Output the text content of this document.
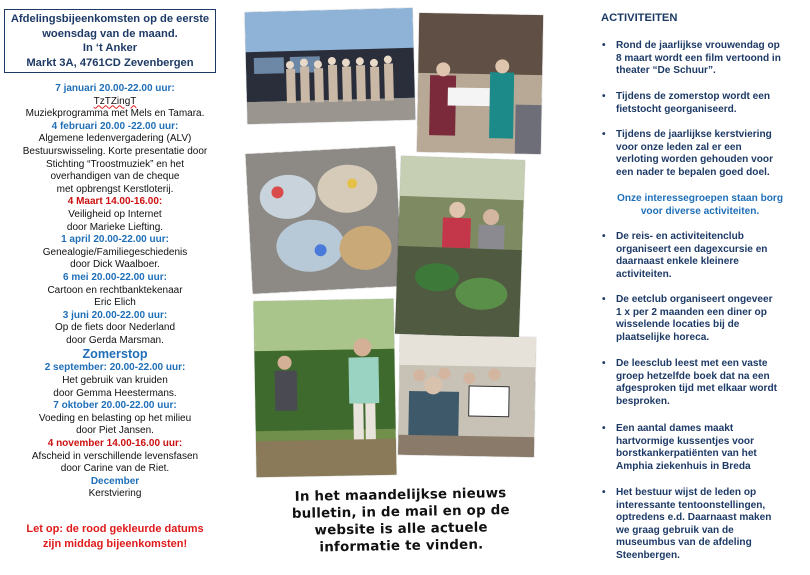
Afdelingsbijeenkomsten op de eerste
woensdag van de maand.
In ‘t Anker
Markt 3A, 4761CD Zevenbergen
7 januari 20.00-22.00 uur:
TzTZingT
Muziekprogramma met Mels en Tamara.
4 februari 20.00 -22.00 uur:
Algemene ledenvergadering (ALV)
Bestuurswisseling. Korte presentatie door
Stichting “Troostmuziek” en het
overhandigen van de cheque
met opbrengst Kerstloterij.
4 Maart 14.00-16.00:
Veiligheid op Internet
door Marieke Liefting.
1 april 20.00-22.00 uur:
Genealogie/Familiegeschiedenis
door Dick Waalboer.
6 mei 20.00-22.00 uur:
Cartoon en rechtbanktekenaar
Eric Elich
3 juni 20.00-22.00 uur:
Op de fiets door Nederland
door Gerda Marsman.
Zomerstop
2 september: 20.00-22.00 uur:
Het gebruik van kruiden
door Gemma Heestermans.
7 oktober 20.00-22.00 uur:
Voeding en belasting op het milieu
door Piet Jansen.
4 november 14.00-16.00 uur:
Afscheid in verschillende levensfasen
door Carine van de Riet.
December
Kerstviering
Let op: de rood gekleurde datums
zijn middag bijeenkomsten!
In het maandelijkse nieuws
bulletin, in de mail en op de
website is alle actuele
informatie te vinden.
ACTIVITEITEN
• Rond de jaarlijkse vrouwendag op
8 maart wordt een film vertoond in
theater “De Schuur”.
• Tijdens de zomerstop wordt een
fietstocht georganiseerd.
• Tijdens de jaarlijkse kerstviering
voor onze leden zal er een
verloting worden gehouden voor
een nader te bepalen goed doel.
Onze interessegroepen staan borg
voor diverse activiteiten.
• De reis- en activiteitenclub
organiseert een dagexcursie en
daarnaast enkele kleinere
activiteiten.
• De eetclub organiseert ongeveer
1 x per 2 maanden een diner op
wisselende locaties bij de
plaatselijke horeca.
• De leesclub leest met een vaste
groep hetzelfde boek dat na een
afgesproken tijd met elkaar wordt
besproken.
• Een aantal dames maakt
hartvormige kussentjes voor
borstkankerpatiënten van het
Amphia ziekenhuis in Breda
• Het bestuur wijst de leden op
interessante tentoonstellingen,
optredens e.d. Daarnaast maken
we graag gebruik van de
museumbus van de afdeling
Steenbergen.
